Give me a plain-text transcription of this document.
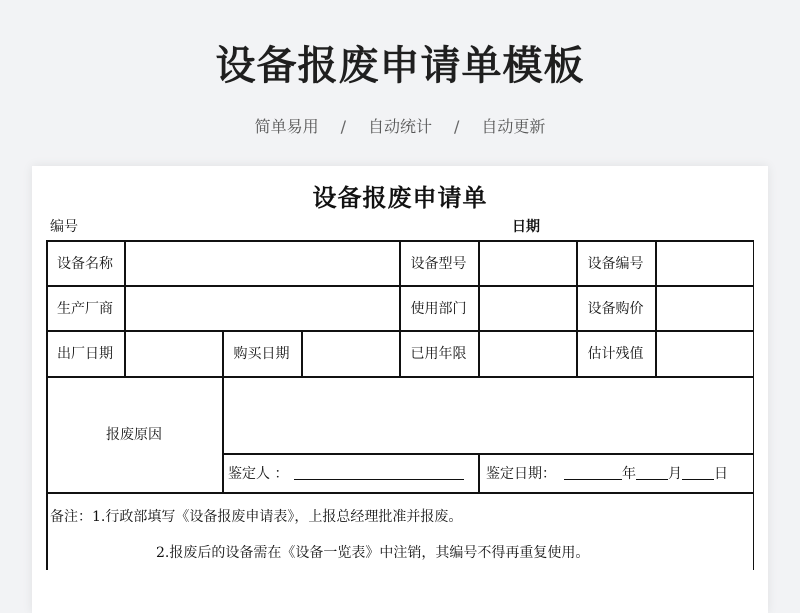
设备报废申请单模板
简单易用 / 自动统计 / 自动更新
设备报废申请单
编号	日期
设备名称	设备型号	设备编号
生产厂商	使用部门	设备购价
出厂日期	购买日期	已用年限	估计残值
报废原因
鉴定人 ：	鉴定日期：	年 月 日
备注：1.行政部填写《设备报废申请表》，上报总经理批准并报废。
2.报废后的设备需在《设备一览表》中注销，其编号不得再重复使用。
